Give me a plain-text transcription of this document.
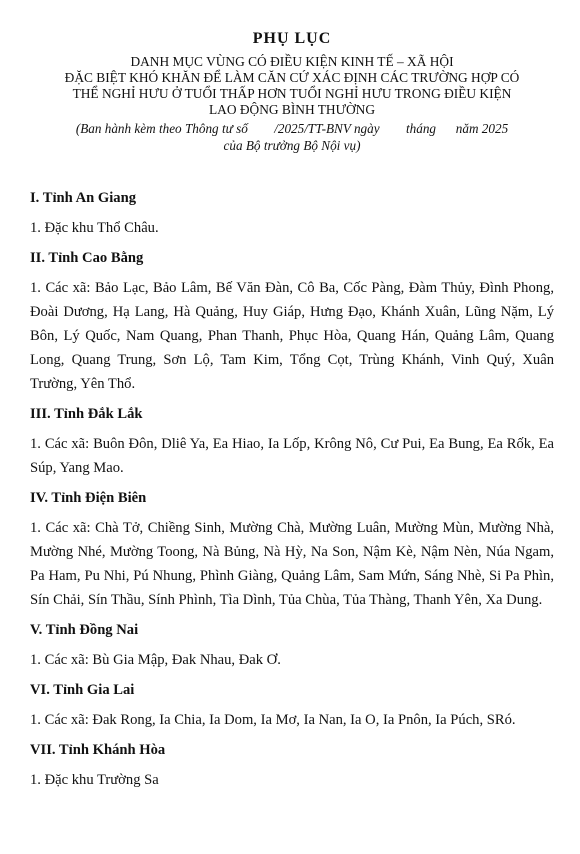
PHỤ LỤC
DANH MỤC VÙNG CÓ ĐIỀU KIỆN KINH TẾ – XÃ HỘI
ĐẶC BIỆT KHÓ KHĂN ĐỂ LÀM CĂN CỨ XÁC ĐỊNH CÁC TRƯỜNG HỢP CÓ
THỂ NGHỈ HƯU Ở TUỔI THẤP HƠN TUỔI NGHỈ HƯU TRONG ĐIỀU KIỆN
LAO ĐỘNG BÌNH THƯỜNG
(Ban hành kèm theo Thông tư số        /2025/TT-BNV ngày        tháng      năm 2025
của Bộ trưởng Bộ Nội vụ)

I. Tỉnh An Giang

1. Đặc khu Thổ Châu.

II. Tỉnh Cao Bằng

1. Các xã: Bảo Lạc, Bảo Lâm, Bế Văn Đàn, Cô Ba, Cốc Pàng, Đàm Thủy, Đình Phong, Đoài Dương, Hạ Lang, Hà Quảng, Huy Giáp, Hưng Đạo, Khánh Xuân, Lũng Nặm, Lý Bôn, Lý Quốc, Nam Quang, Phan Thanh, Phục Hòa, Quang Hán, Quảng Lâm, Quang Long, Quang Trung, Sơn Lộ, Tam Kim, Tổng Cọt, Trùng Khánh, Vinh Quý, Xuân Trường, Yên Thổ.

III. Tỉnh Đắk Lắk

1. Các xã: Buôn Đôn, Dliê Ya, Ea Hiao, Ia Lốp, Krông Nô, Cư Pui, Ea Bung, Ea Rốk, Ea Súp, Yang Mao.

IV. Tỉnh Điện Biên

1. Các xã: Chà Tở, Chiềng Sinh, Mường Chà, Mường Luân, Mường Mùn, Mường Nhà, Mường Nhé, Mường Toong, Nà Bủng, Nà Hỳ, Na Son, Nậm Kè, Nậm Nèn, Núa Ngam, Pa Ham, Pu Nhi, Pú Nhung, Phình Giàng, Quảng Lâm, Sam Mứn, Sáng Nhè, Si Pa Phìn, Sín Chải, Sín Thầu, Sính Phình, Tìa Dình, Tủa Chùa, Tủa Thàng, Thanh Yên, Xa Dung.

V. Tỉnh Đồng Nai

1. Các xã: Bù Gia Mập, Đak Nhau, Đak Ơ.

VI. Tỉnh Gia Lai

1. Các xã: Đak Rong, Ia Chia, Ia Dom, Ia Mơ, Ia Nan, Ia O, Ia Pnôn, Ia Púch, SRó.

VII. Tỉnh Khánh Hòa

1. Đặc khu Trường Sa
